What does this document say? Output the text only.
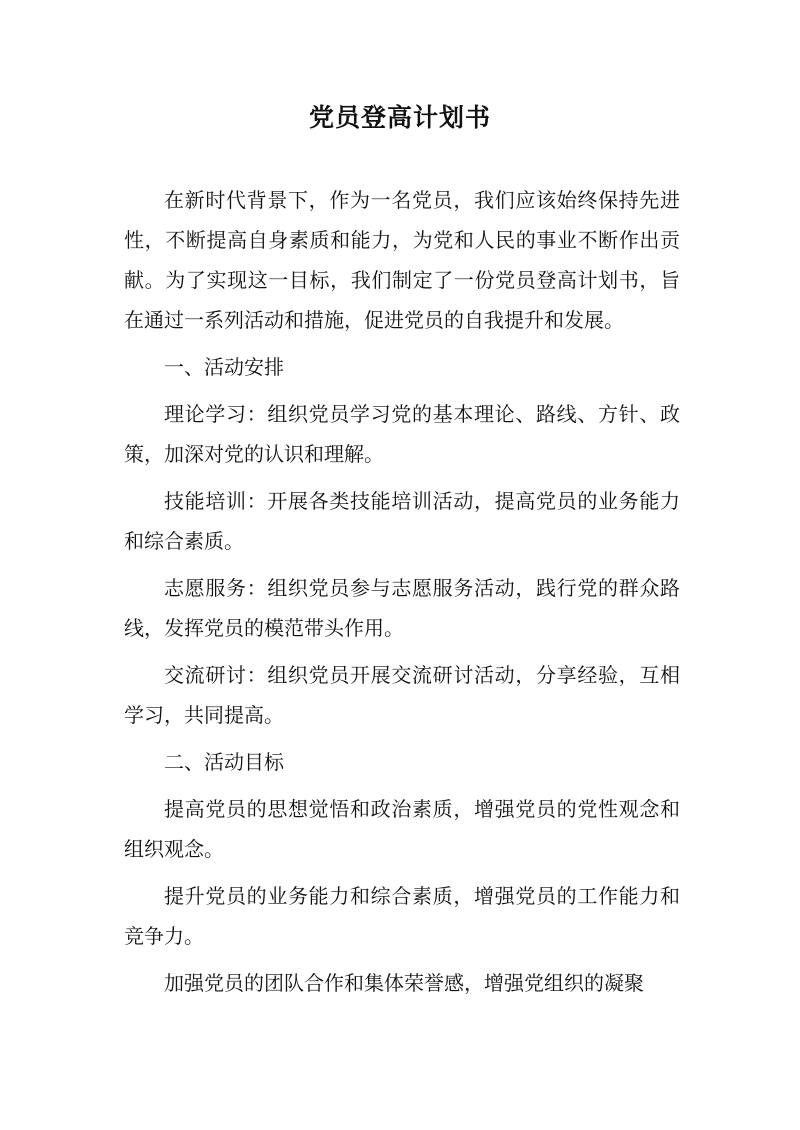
党员登高计划书

在新时代背景下，作为一名党员，我们应该始终保持先进性，不断提高自身素质和能力，为党和人民的事业不断作出贡献。为了实现这一目标，我们制定了一份党员登高计划书，旨在通过一系列活动和措施，促进党员的自我提升和发展。

一、活动安排

理论学习：组织党员学习党的基本理论、路线、方针、政策，加深对党的认识和理解。

技能培训：开展各类技能培训活动，提高党员的业务能力和综合素质。

志愿服务：组织党员参与志愿服务活动，践行党的群众路线，发挥党员的模范带头作用。

交流研讨：组织党员开展交流研讨活动，分享经验，互相学习，共同提高。

二、活动目标

提高党员的思想觉悟和政治素质，增强党员的党性观念和组织观念。

提升党员的业务能力和综合素质，增强党员的工作能力和竞争力。

加强党员的团队合作和集体荣誉感，增强党组织的凝聚
